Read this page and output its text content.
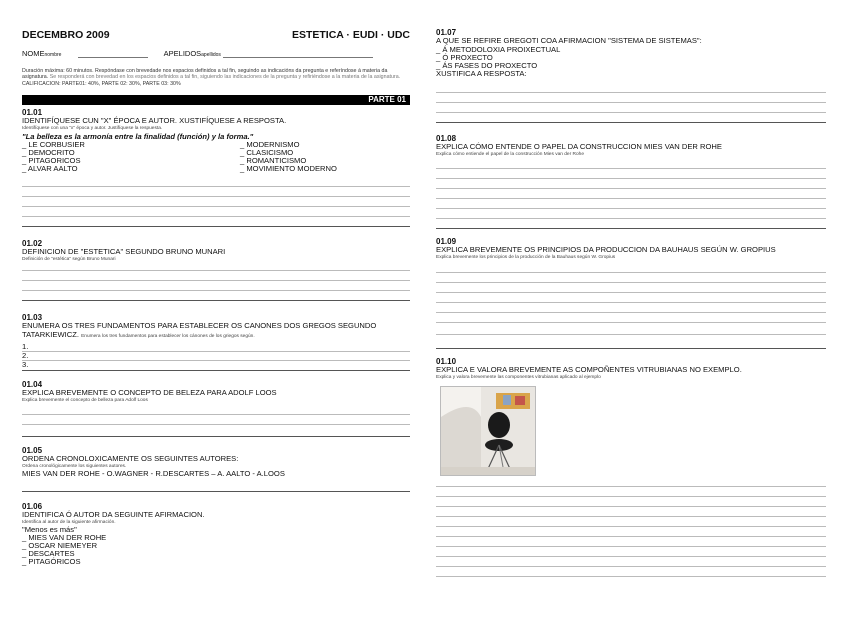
DECEMBRO 2009	ESTETICA · EUDI · UDC
NOMEnombre	APELIDOSapellidos
Duración máxima: 60 minutos. Respóndase con brevedade nos espacios definidos a tal fin, seguindo as indicacións da pregunta e referíndose á materia da asignatura. Se responderá con brevedad en los espacios definidos a tal fin, siguiendo las indicaciones de la pregunta y refiriéndose a la materia de la asignatura. CALIFICACION: PARTE01: 40%, PARTE 02: 30%, PARTE 03: 30%
PARTE 01
01.01
IDENTIFÍQUESE CUN "X" ÉPOCA E AUTOR. XUSTIFÍQUESE A RESPOSTA.
Identifíquese con una "x" época y autor. Justifíquese la respuesta.
"La belleza es la armonía entre la finalidad (función) y la forma."
_ LE CORBUSIER
_ DEMOCRITO
_ PITAGORICOS
_ ALVAR AALTO
_ MODERNISMO
_ CLASICISMO
_ ROMANTICISMO
_ MOVIMIENTO MODERNO
01.02
DEFINICION DE "ESTETICA" SEGUNDO BRUNO MUNARI
Definición de "estética" según Bruno Munari
01.03
ENUMERA OS TRES FUNDAMENTOS PARA ESTABLECER OS CANONES DOS GREGOS SEGUNDO
TATARKIEWICZ. Enumera los tres fundamentos para establecer los cánones de los griegos según.
1.
2.
3.
01.04
EXPLICA BREVEMENTE O CONCEPTO DE BELEZA PARA ADOLF LOOS
Explica brevemente el concepto de belleza para Adolf Loos
01.05
ORDENA CRONOLOXICAMENTE OS SEGUINTES AUTORES:
Ordena cronológicamente los siguientes autores.
MIES VAN DER ROHE - O.WAGNER - R.DESCARTES – A. AALTO - A.LOOS
01.06
IDENTIFICA Ó AUTOR DA SEGUINTE AFIRMACION.
Identifica al autor de la siguiente afirmación.
"Menos es más"
_ MIES VAN DER ROHE
_ OSCAR NIEMEYER
_ DESCARTES
_ PITAGÓRICOS
01.07
A QUE SE REFIRE GREGOTI COA AFIRMACION "SISTEMA DE SISTEMAS":
_ Á METODOLOXIA PROIXECTUAL
_ Ó PROXECTO
_ ÁS FASES DO PROXECTO
XUSTIFICA A RESPOSTA:
01.08
EXPLICA CÓMO ENTENDE O PAPEL DA CONSTRUCCION MIES VAN DER ROHE
Explica cómo entiende el papel de la construcción Mies van der Rohe
01.09
EXPLICA BREVEMENTE OS PRINCIPIOS DA PRODUCCION DA BAUHAUS SEGÚN W. GROPIUS
Explica brevemente los principios de la producción de la Bauhaus según W. Gropius
01.10
EXPLICA E VALORA BREVEMENTE AS COMPOÑENTES VITRUBIANAS NO EXEMPLO.
Explica y valora brevemente las componentes vitrubianas aplicado al ejemplo
